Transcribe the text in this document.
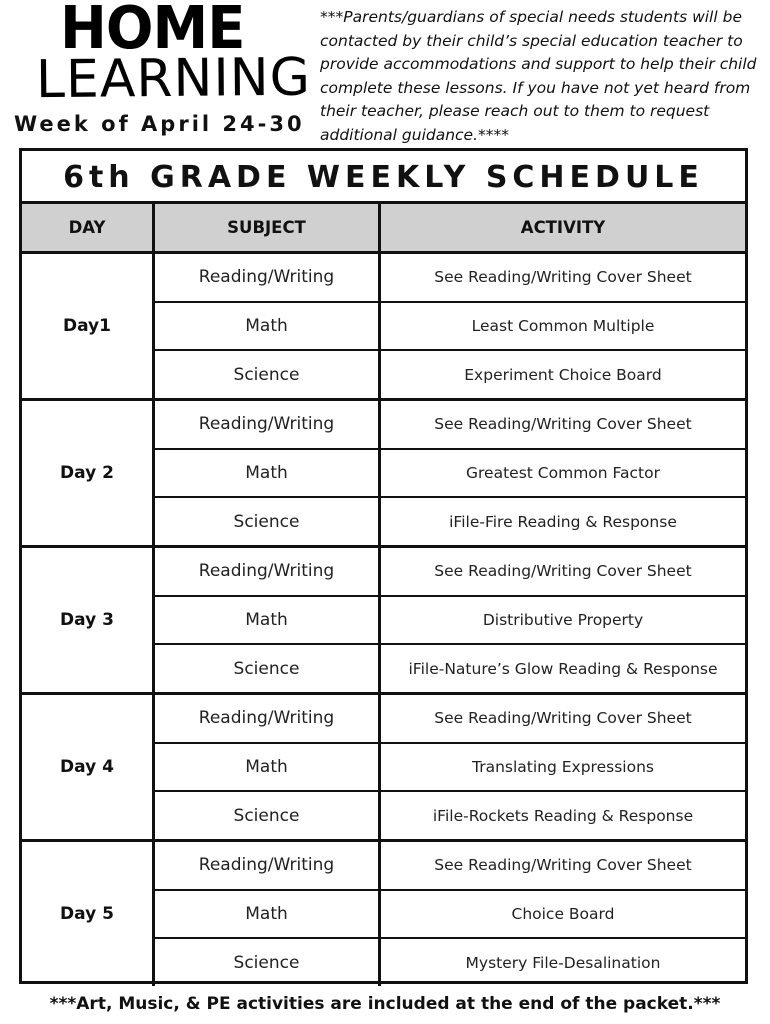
HOME
LEARNING
Week of April 24-30
***Parents/guardians of special needs students will be contacted by their child’s special education teacher to provide accommodations and support to help their child complete these lessons. If you have not yet heard from their teacher, please reach out to them to request additional guidance.****
6th GRADE WEEKLY SCHEDULE
DAY	SUBJECT	ACTIVITY
Day1
Reading/Writing	See Reading/Writing Cover Sheet
Math	Least Common Multiple
Science	Experiment Choice Board
Day 2
Reading/Writing	See Reading/Writing Cover Sheet
Math	Greatest Common Factor
Science	iFile-Fire Reading & Response
Day 3
Reading/Writing	See Reading/Writing Cover Sheet
Math	Distributive Property
Science	iFile-Nature’s Glow Reading & Response
Day 4
Reading/Writing	See Reading/Writing Cover Sheet
Math	Translating Expressions
Science	iFile-Rockets Reading & Response
Day 5
Reading/Writing	See Reading/Writing Cover Sheet
Math	Choice Board
Science	Mystery File-Desalination
***Art, Music, & PE activities are included at the end of the packet.***
